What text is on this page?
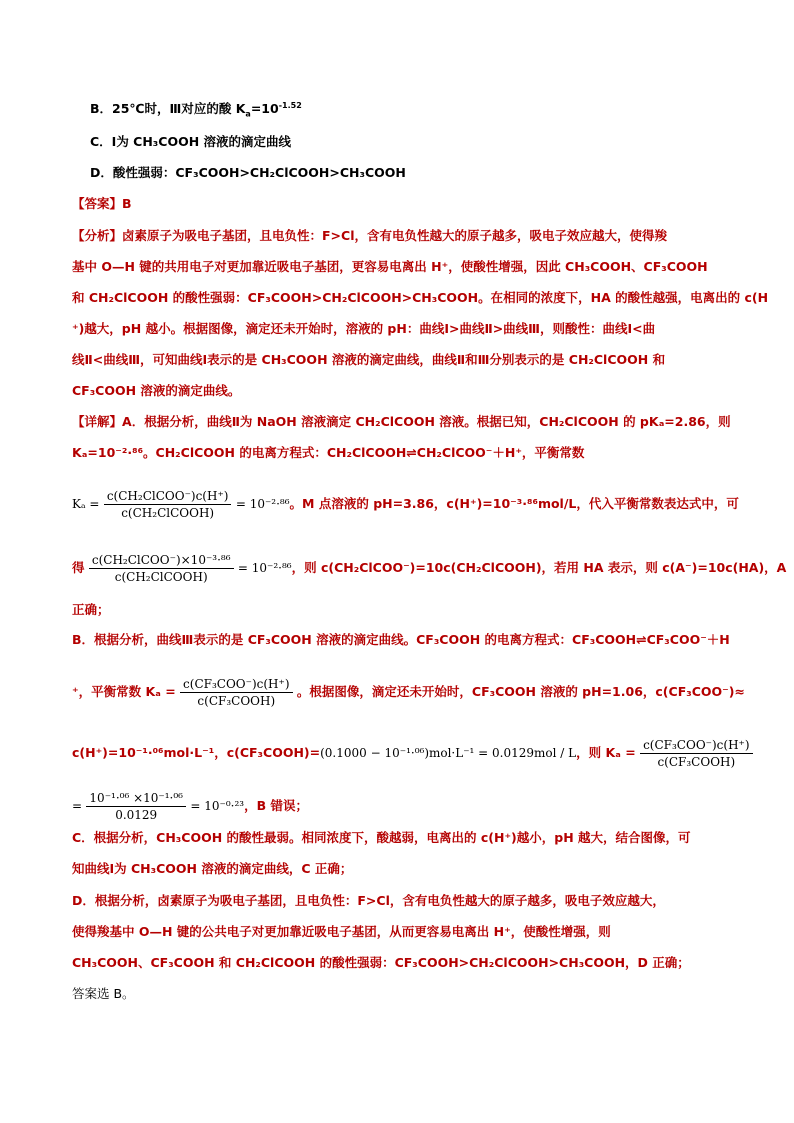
B．25℃时，Ⅲ对应的酸 $K_a=10^{-1.52}$
C．Ⅰ为 CH₃COOH 溶液的滴定曲线
D．酸性强弱：CF₃COOH>CH₂ClCOOH>CH₃COOH
【答案】B
【分析】卤素原子为吸电子基团，且电负性：F>Cl，含有电负性越大的原子越多，吸电子效应越大，使得羧
基中 O—H 键的共用电子对更加靠近吸电子基团，更容易电离出 H⁺，使酸性增强，因此 CH₃COOH、CF₃COOH
和 CH₂ClCOOH 的酸性强弱：CF₃COOH>CH₂ClCOOH>CH₃COOH。在相同的浓度下，HA 的酸性越强，电离出的 c(H
⁺)越大，pH 越小。根据图像，滴定还未开始时，溶液的 pH：曲线Ⅰ>曲线Ⅱ>曲线Ⅲ，则酸性：曲线Ⅰ<曲
线Ⅱ<曲线Ⅲ，可知曲线Ⅰ表示的是 CH₃COOH 溶液的滴定曲线，曲线Ⅱ和Ⅲ分别表示的是 CH₂ClCOOH 和
CF₃COOH 溶液的滴定曲线。
【详解】A．根据分析，曲线Ⅱ为 NaOH 溶液滴定 CH₂ClCOOH 溶液。根据已知，CH₂ClCOOH 的 pKₐ=2.86，则
Kₐ=10⁻²·⁸⁶。CH₂ClCOOH 的电离方程式：CH₂ClCOOH⇌CH₂ClCOO⁻＋H⁺，平衡常数
$K_a = \frac{\text{c(CH₂ClCOO⁻)c(H⁺)}}{\text{c(CH₂ClCOOH)}} = 10^{-2}\cdot^{86}$。M 点溶液的 pH=3.86，c(H⁺)=10⁻³·⁸⁶mol/L，代入平衡常数表达式中，可
得 $\frac{\text{c(CH₂ClCOO⁻)×10⁻³·⁸⁶}}{\text{c(CH₂ClCOOH)}} = 10^{-2}\cdot^{86}$，则 c(CH₂ClCOO⁻)=10c(CH₂ClCOOH)，若用 HA 表示，则 c(A⁻)=10c(HA)，A
正确；
B．根据分析，曲线Ⅲ表示的是 CF₃COOH 溶液的滴定曲线。CF₃COOH 的电离方程式：CF₃COOH⇌CF₃COO⁻＋H
⁺，平衡常数 $K_a = \frac{\text{c(CF₃COO⁻)c(H⁺)}}{\text{c(CF₃COOH)}}$ 。根据图像，滴定还未开始时，CF₃COOH 溶液的 pH=1.06，c(CF₃COO⁻)≈
c(H⁺)=10⁻¹·⁰⁶mol·L⁻¹，c(CF₃COOH)=(0.1000 − 10⁻¹·⁰⁶)mol·L⁻¹ = 0.0129mol / L，则 $K_a = \frac{\text{c(CF₃COO⁻)c(H⁺)}}{\text{c(CF₃COOH)}}$
= $\frac{\text{10⁻¹·⁰⁶ ×10⁻¹·⁰⁶}}{0.0129} = 10^{-0}\cdot^{23}$，B 错误；
C．根据分析，CH₃COOH 的酸性最弱。相同浓度下，酸越弱，电离出的 c(H⁺)越小，pH 越大，结合图像，可
知曲线Ⅰ为 CH₃COOH 溶液的滴定曲线，C 正确；
D．根据分析，卤素原子为吸电子基团，且电负性：F>Cl，含有电负性越大的原子越多，吸电子效应越大，
使得羧基中 O—H 键的公共电子对更加靠近吸电子基团，从而更容易电离出 H⁺，使酸性增强，则
CH₃COOH、CF₃COOH 和 CH₂ClCOOH 的酸性强弱：CF₃COOH>CH₂ClCOOH>CH₃COOH，D 正确；
答案选 B。
